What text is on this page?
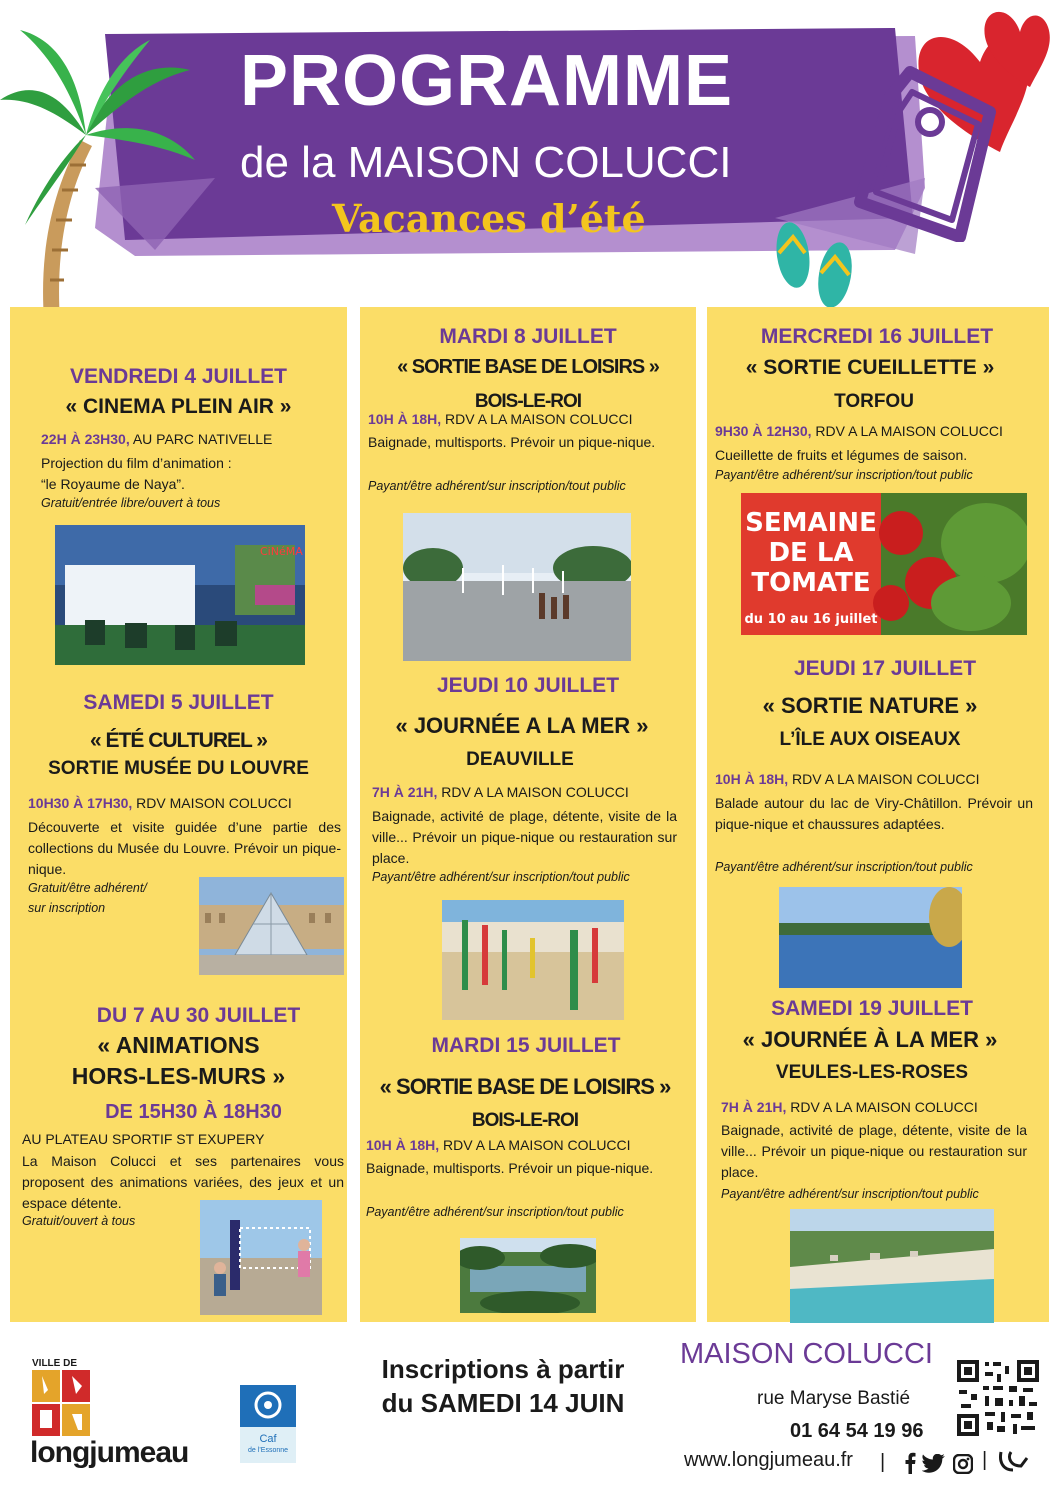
PROGRAMME
de la MAISON COLUCCI
Vacances d’été
VENDREDI 4 JUILLET
« CINEMA PLEIN AIR »
22H À 23H30, AU PARC NATIVELLE
Projection du film d’animation :
“le Royaume de Naya”.
Gratuit/entrée libre/ouvert à tous
CiNéMA
SAMEDI 5 JUILLET
« ÉTÉ CULTUREL »
SORTIE MUSÉE DU LOUVRE
10H30 À 17H30, RDV MAISON COLUCCI
Découverte et visite guidée d’une partie des collections du Musée du Louvre. Prévoir un pique-nique.
Gratuit/être adhérent/
sur inscription
DU 7 AU 30 JUILLET
« ANIMATIONS
HORS-LES-MURS »
DE 15H30 À 18H30
AU PLATEAU SPORTIF ST EXUPERY
La Maison Colucci et ses partenaires vous proposent des animations variées, des jeux et un espace détente.
Gratuit/ouvert à tous
MARDI 8 JUILLET
« SORTIE BASE DE LOISIRS »
BOIS-LE-ROI
10H À 18H, RDV A LA MAISON COLUCCI
Baignade, multisports. Prévoir un pique-nique.
Payant/être adhérent/sur inscription/tout public
JEUDI 10 JUILLET
« JOURNÉE A LA MER »
DEAUVILLE
7H À 21H, RDV A LA MAISON COLUCCI
Baignade, activité de plage, détente, visite de la ville... Prévoir un pique-nique ou restauration sur place.
Payant/être adhérent/sur inscription/tout public
MARDI 15 JUILLET
« SORTIE BASE DE LOISIRS »
BOIS-LE-ROI
10H À 18H, RDV A LA MAISON COLUCCI
Baignade, multisports. Prévoir un pique-nique.
Payant/être adhérent/sur inscription/tout public
MERCREDI 16 JUILLET
« SORTIE CUEILLETTE »
TORFOU
9H30 À 12H30, RDV A LA MAISON COLUCCI
Cueillette de fruits et légumes de saison.
Payant/être adhérent/sur inscription/tout public
SEMAINE
DE LA
TOMATE
du 10 au 16 juillet
JEUDI 17 JUILLET
« SORTIE NATURE »
L’ÎLE AUX OISEAUX
10H À 18H, RDV A LA MAISON COLUCCI
Balade autour du lac de Viry-Châtillon. Prévoir un pique-nique et chaussures adaptées.
Payant/être adhérent/sur inscription/tout public
SAMEDI 19 JUILLET
« JOURNÉE À LA MER »
VEULES-LES-ROSES
7H À 21H, RDV A LA MAISON COLUCCI
Baignade, activité de plage, détente, visite de la ville... Prévoir un pique-nique ou restauration sur place.
Payant/être adhérent/sur inscription/tout public
VILLE DE
longjumeau	Caf
de l’Essonne
Inscriptions à partir
du SAMEDI 14 JUIN
MAISON COLUCCI
rue Maryse Bastié
01 64 54 19 96
www.longjumeau.fr |	|
